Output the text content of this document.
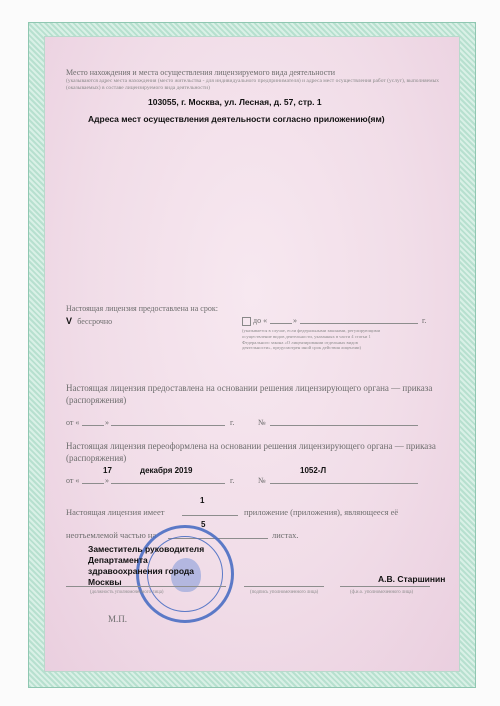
Место нахождения и места осуществления лицензируемого вида деятельности
(указываются адрес места нахождения (место жительства - для индивидуального предпринимателя) и адреса мест осуществления работ (услуг), выполняемых (оказываемых) в составе лицензируемого вида деятельности)
103055, г. Москва, ул. Лесная, д. 57, стр. 1
Адреса мест осуществления деятельности согласно приложению(ям)
Настоящая лицензия предоставлена на срок:
V бессрочно	до «	»	г.
(указывается в случае, если федеральными законами, регулирующими осуществление видов деятельности, указанных в части 4 статьи 1 Федерального закона «О лицензировании отдельных видов деятельности», предусмотрен иной срок действия лицензии)
Настоящая лицензия предоставлена на основании решения лицензирующего органа — приказа (распоряжения)
от «	»	г.	№
Настоящая лицензия переоформлена на основании решения лицензирующего органа — приказа (распоряжения)
17	декабря 2019	1052-Л
от «	»	г.	№
1
Настоящая лицензия имеет	приложение (приложения), являющееся её
5
неотъемлемой частью на	листах.
Заместитель руководителя Департамента здравоохранения города Москвы	А.В. Старшинин
(должность уполномоченного лица)	(подпись уполномоченного лица)	(ф.и.о. уполномоченного лица)
М.П.
